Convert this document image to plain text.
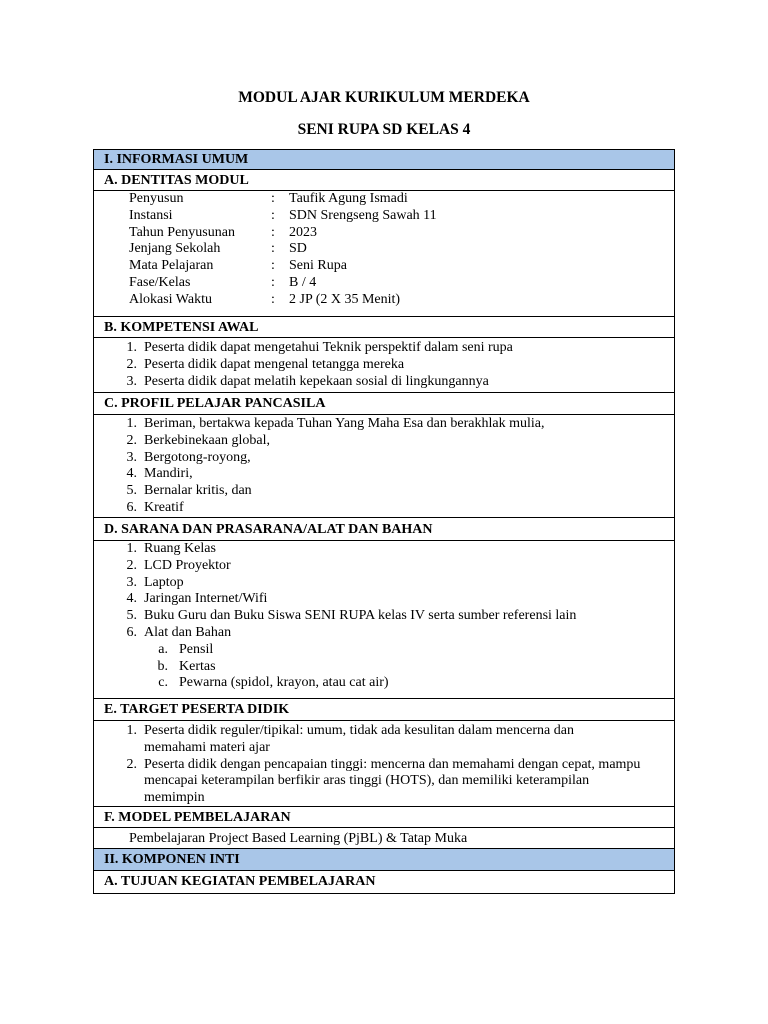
MODUL AJAR KURIKULUM MERDEKA
SENI RUPA SD KELAS 4
I. INFORMASI UMUM
A. DENTITAS MODUL
Penyusun	:	Taufik Agung Ismadi
Instansi	:	SDN Srengseng Sawah 11
Tahun Penyusunan	:	2023
Jenjang Sekolah	:	SD
Mata Pelajaran	:	Seni Rupa
Fase/Kelas	:	B / 4
Alokasi Waktu	:	2 JP (2 X 35 Menit)
B. KOMPETENSI AWAL
1. Peserta didik dapat mengetahui Teknik perspektif dalam seni rupa
2. Peserta didik dapat mengenal tetangga mereka
3. Peserta didik dapat melatih kepekaan sosial di lingkungannya
C. PROFIL PELAJAR PANCASILA
1. Beriman, bertakwa kepada Tuhan Yang Maha Esa dan berakhlak mulia,
2. Berkebinekaan global,
3. Bergotong-royong,
4. Mandiri,
5. Bernalar kritis, dan
6. Kreatif
D. SARANA DAN PRASARANA/ALAT DAN BAHAN
1. Ruang Kelas
2. LCD Proyektor
3. Laptop
4. Jaringan Internet/Wifi
5. Buku Guru dan Buku Siswa SENI RUPA kelas IV serta sumber referensi lain
6. Alat dan Bahan
a. Pensil
b. Kertas
c. Pewarna (spidol, krayon, atau cat air)
E. TARGET PESERTA DIDIK
1. Peserta didik reguler/tipikal: umum, tidak ada kesulitan dalam mencerna dan memahami materi ajar
2. Peserta didik dengan pencapaian tinggi: mencerna dan memahami dengan cepat, mampu mencapai keterampilan berfikir aras tinggi (HOTS), dan memiliki keterampilan memimpin
F. MODEL PEMBELAJARAN
Pembelajaran Project Based Learning (PjBL) & Tatap Muka
II. KOMPONEN INTI
A. TUJUAN KEGIATAN PEMBELAJARAN
